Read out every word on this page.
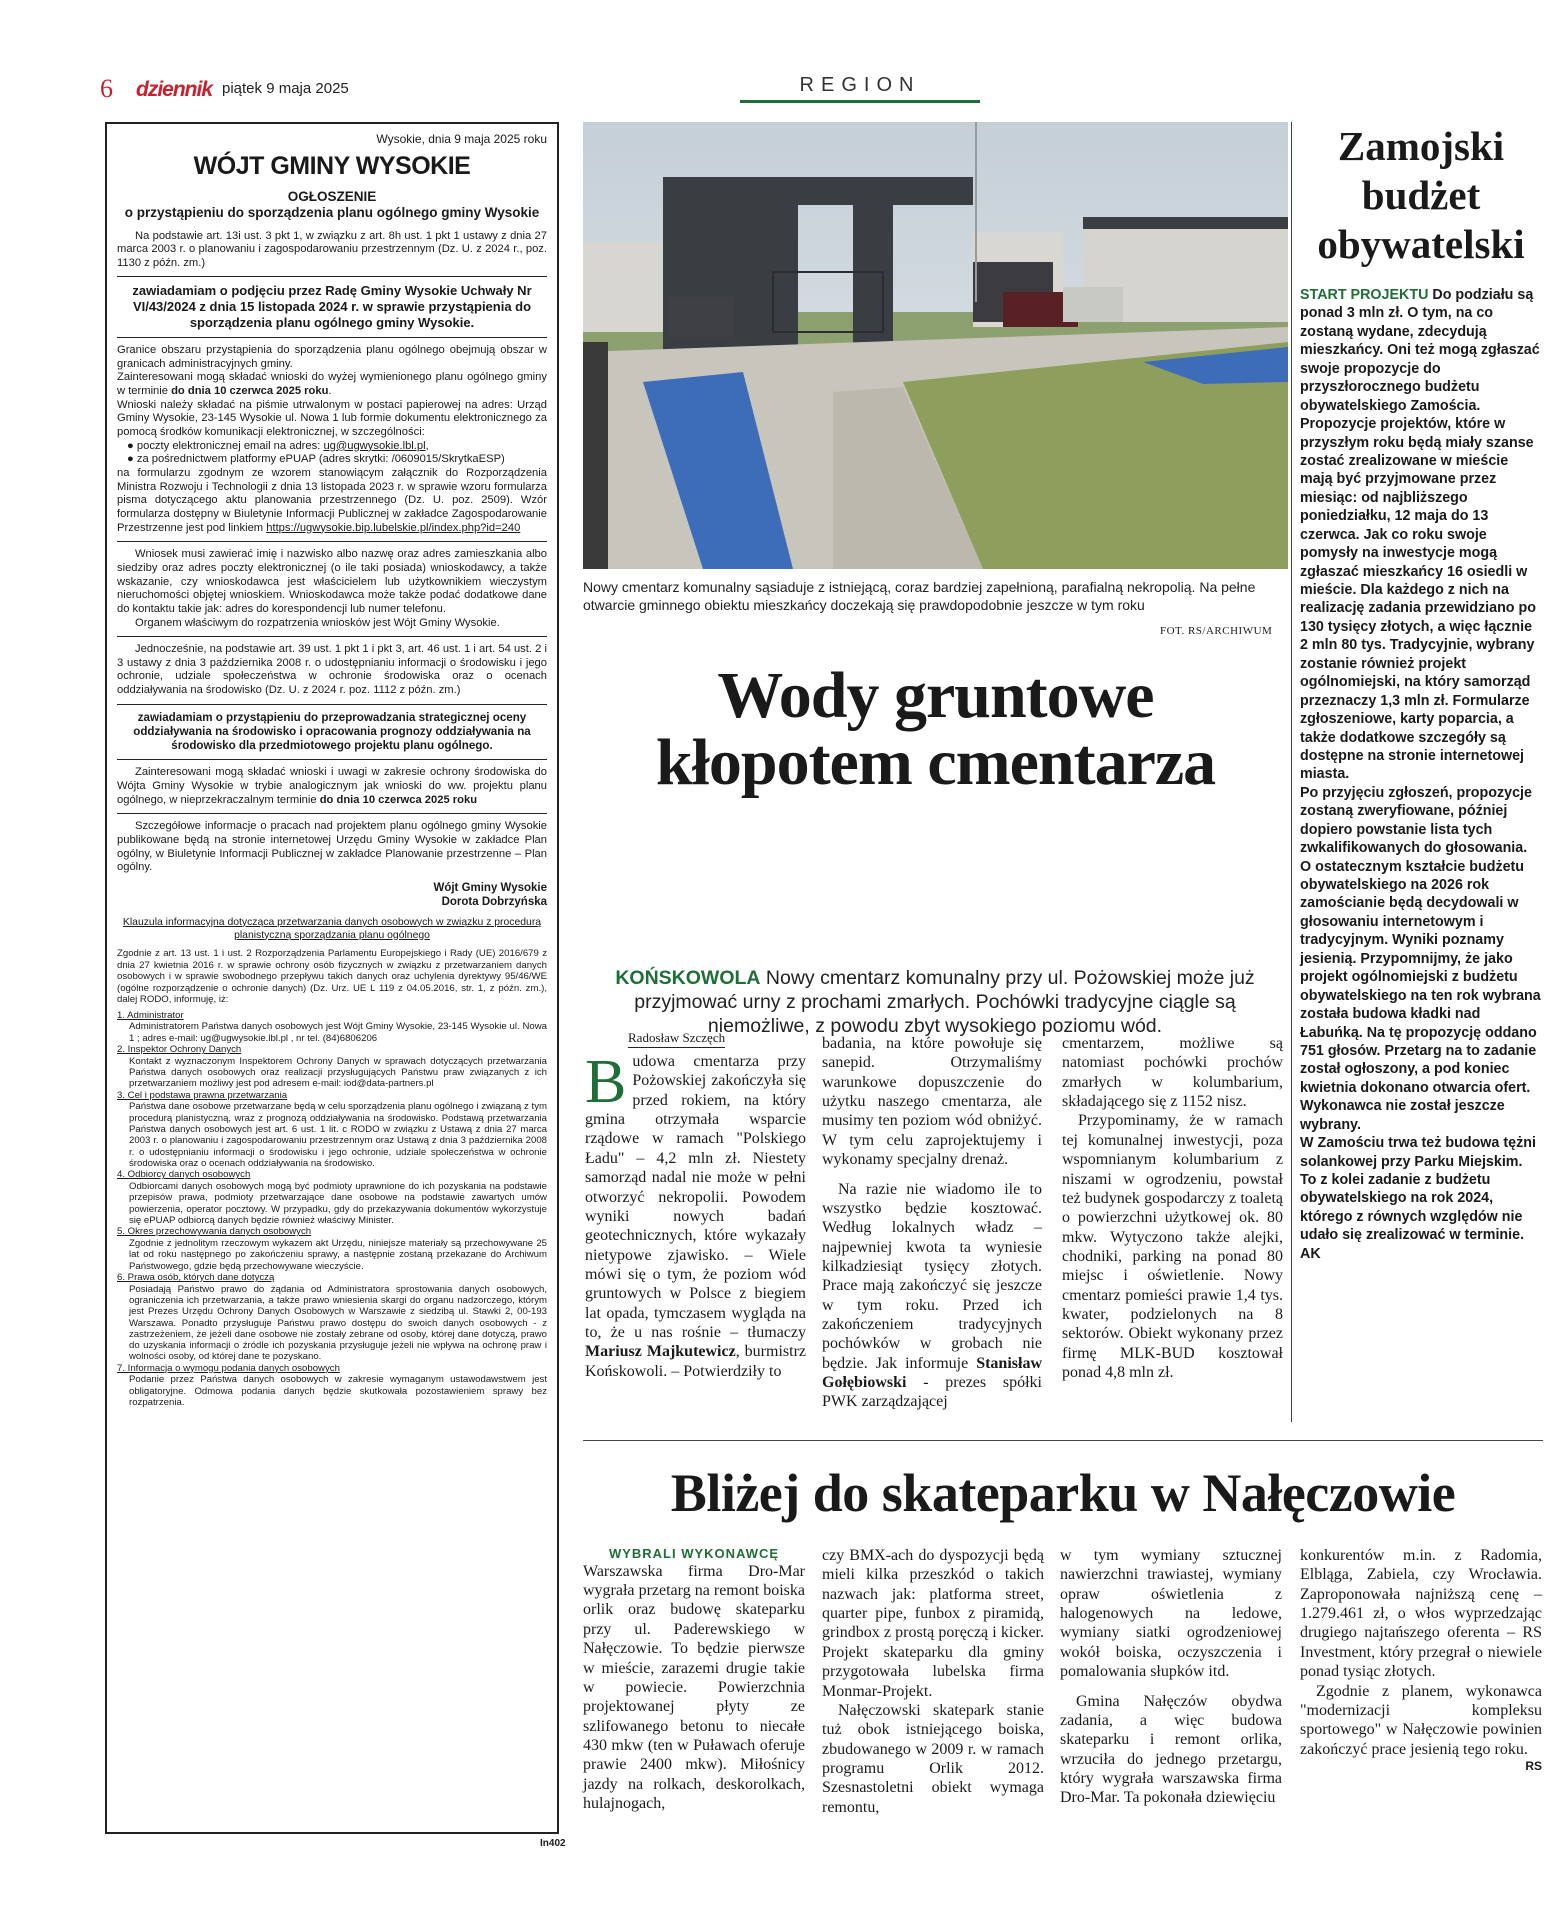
6 dziennik piątek 9 maja 2025	REGION

Wysokie, dnia 9 maja 2025 roku

WÓJT GMINY WYSOKIE

OGŁOSZENIE

o przystąpieniu do sporządzenia planu ogólnego gminy Wysokie

Na podstawie art. 13i ust. 3 pkt 1, w związku z art. 8h ust. 1 pkt 1 ustawy z dnia 27 marca 2003 r. o planowaniu i zagospodarowaniu przestrzennym (Dz. U. z 2024 r., poz. 1130 z późn. zm.)

zawiadamiam o podjęciu przez Radę Gminy Wysokie Uchwały Nr VI/43/2024 z dnia 15 listopada 2024 r. w sprawie przystąpienia do sporządzenia planu ogólnego gminy Wysokie.

Granice obszaru przystąpienia do sporządzenia planu ogólnego obejmują obszar w granicach administracyjnych gminy.

Zainteresowani mogą składać wnioski do wyżej wymienionego planu ogólnego gminy w terminie do dnia 10 czerwca 2025 roku.

Wnioski należy składać na piśmie utrwalonym w postaci papierowej na adres: Urząd Gminy Wysokie, 23-145 Wysokie ul. Nowa 1 lub formie dokumentu elektronicznego za pomocą środków komunikacji elektronicznej, w szczególności:

● poczty elektronicznej email na adres: ug@ugwysokie.lbl.pl,

● za pośrednictwem platformy ePUAP (adres skrytki: /0609015/SkrytkaESP)

na formularzu zgodnym ze wzorem stanowiącym załącznik do Rozporządzenia Ministra Rozwoju i Technologii z dnia 13 listopada 2023 r. w sprawie wzoru formularza pisma dotyczącego aktu planowania przestrzennego (Dz. U. poz. 2509). Wzór formularza dostępny w Biuletynie Informacji Publicznej w zakładce Zagospodarowanie Przestrzenne jest pod linkiem https://ugwysokie.bip.lubelskie.pl/index.php?id=240

Wniosek musi zawierać imię i nazwisko albo nazwę oraz adres zamieszkania albo siedziby oraz adres poczty elektronicznej (o ile taki posiada) wnioskodawcy, a także wskazanie, czy wnioskodawca jest właścicielem lub użytkownikiem wieczystym nieruchomości objętej wnioskiem. Wnioskodawca może także podać dodatkowe dane do kontaktu takie jak: adres do korespondencji lub numer telefonu.

Organem właściwym do rozpatrzenia wniosków jest Wójt Gminy Wysokie.

Jednocześnie, na podstawie art. 39 ust. 1 pkt 1 i pkt 3, art. 46 ust. 1 i art. 54 ust. 2 i 3 ustawy z dnia 3 października 2008 r. o udostępnianiu informacji o środowisku i jego ochronie, udziale społeczeństwa w ochronie środowiska oraz o ocenach oddziaływania na środowisko (Dz. U. z 2024 r. poz. 1112 z późn. zm.)

zawiadamiam o przystąpieniu do przeprowadzania strategicznej oceny oddziaływania na środowisko i opracowania prognozy oddziaływania na środowisko dla przedmiotowego projektu planu ogólnego.

Zainteresowani mogą składać wnioski i uwagi w zakresie ochrony środowiska do Wójta Gminy Wysokie w trybie analogicznym jak wnioski do ww. projektu planu ogólnego, w nieprzekraczalnym terminie do dnia 10 czerwca 2025 roku

Szczegółowe informacje o pracach nad projektem planu ogólnego gminy Wysokie publikowane będą na stronie internetowej Urzędu Gminy Wysokie w zakładce Plan ogólny, w Biuletynie Informacji Publicznej w zakładce Planowanie przestrzenne – Plan ogólny.

Wójt Gminy Wysokie

Dorota Dobrzyńska

Klauzula informacyjna dotycząca przetwarzania danych osobowych w związku z procedurą planistyczną sporządzania planu ogólnego

Zgodnie z art. 13 ust. 1 i ust. 2 Rozporządzenia Parlamentu Europejskiego i Rady (UE) 2016/679 z dnia 27 kwietnia 2016 r. w sprawie ochrony osób fizycznych w związku z przetwarzaniem danych osobowych i w sprawie swobodnego przepływu takich danych oraz uchylenia dyrektywy 95/46/WE (ogólne rozporządzenie o ochronie danych) (Dz. Urz. UE L 119 z 04.05.2016, str. 1, z późn. zm.), dalej RODO, informuję, iż:

1. Administrator

Administratorem Państwa danych osobowych jest Wójt Gminy Wysokie, 23-145 Wysokie ul. Nowa 1 ; adres e-mail: ug@ugwysokie.lbl.pl , nr tel. (84)6806206

2. Inspektor Ochrony Danych

Kontakt z wyznaczonym Inspektorem Ochrony Danych w sprawach dotyczących przetwarzania Państwa danych osobowych oraz realizacji przysługujących Państwu praw związanych z ich przetwarzaniem możliwy jest pod adresem e-mail: iod@data-partners.pl

3. Cel i podstawa prawna przetwarzania

Państwa dane osobowe przetwarzane będą w celu sporządzenia planu ogólnego i związaną z tym procedurą planistyczną, wraz z prognozą oddziaływania na środowisko. Podstawą przetwarzania Państwa danych osobowych jest art. 6 ust. 1 lit. c RODO w związku z Ustawą z dnia 27 marca 2003 r. o planowaniu i zagospodarowaniu przestrzennym oraz Ustawą z dnia 3 października 2008 r. o udostępnianiu informacji o środowisku i jego ochronie, udziale społeczeństwa w ochronie środowiska oraz o ocenach oddziaływania na środowisko.

4. Odbiorcy danych osobowych

Odbiorcami danych osobowych mogą być podmioty uprawnione do ich pozyskania na podstawie przepisów prawa, podmioty przetwarzające dane osobowe na podstawie zawartych umów powierzenia, operator pocztowy. W przypadku, gdy do przekazywania dokumentów wykorzystuje się ePUAP odbiorcą danych będzie również właściwy Minister.

5. Okres przechowywania danych osobowych

Zgodnie z jednolitym rzeczowym wykazem akt Urzędu, niniejsze materiały są przechowywane 25 lat od roku następnego po zakończeniu sprawy, a następnie zostaną przekazane do Archiwum Państwowego, gdzie będą przechowywane wieczyście.

6. Prawa osób, których dane dotyczą

Posiadają Państwo prawo do żądania od Administratora sprostowania danych osobowych, ograniczenia ich przetwarzania, a także prawo wniesienia skargi do organu nadzorczego, którym jest Prezes Urzędu Ochrony Danych Osobowych w Warszawie z siedzibą ul. Stawki 2, 00-193 Warszawa. Ponadto przysługuje Państwu prawo dostępu do swoich danych osobowych - z zastrzeżeniem, że jeżeli dane osobowe nie zostały zebrane od osoby, której dane dotyczą, prawo do uzyskania informacji o źródle ich pozyskania przysługuje jeżeli nie wpływa na ochronę praw i wolności osoby, od której dane te pozyskano.

7. Informacja o wymogu podania danych osobowych

Podanie przez Państwa danych osobowych w zakresie wymaganym ustawodawstwem jest obligatoryjne. Odmowa podania danych będzie skutkowała pozostawieniem sprawy bez rozpatrzenia.

In402

Nowy cmentarz komunalny sąsiaduje z istniejącą, coraz bardziej zapełnioną, parafialną nekropolią. Na pełne otwarcie gminnego obiektu mieszkańcy doczekają się prawdopodobnie jeszcze w tym roku

FOT. RS/ARCHIWUM
Wody gruntowe kłopotem cmentarza

KOŃSKOWOLA Nowy cmentarz komunalny przy ul. Pożowskiej może już przyjmować urny z prochami zmarłych. Pochówki tradycyjne ciągle są niemożliwe, z powodu zbyt wysokiego poziomu wód.

Radosław Szczęch

Budowa cmentarza przy Pożowskiej zakończyła się przed rokiem, na który gmina otrzymała wsparcie rządowe w ramach "Polskiego Ładu" – 4,2 mln zł. Niestety samorząd nadal nie może w pełni otworzyć nekropolii. Powodem wyniki nowych badań geotechnicznych, które wykazały nietypowe zjawisko. – Wiele mówi się o tym, że poziom wód gruntowych w Polsce z biegiem lat opada, tymczasem wygląda na to, że u nas rośnie – tłumaczy Mariusz Majkutewicz, burmistrz Końskowoli. – Potwierdziły to

badania, na które powołuje się sanepid. Otrzymaliśmy warunkowe dopuszczenie do użytku naszego cmentarza, ale musimy ten poziom wód obniżyć. W tym celu zaprojektujemy i wykonamy specjalny drenaż.

Na razie nie wiadomo ile to wszystko będzie kosztować. Według lokalnych władz – najpewniej kwota ta wyniesie kilkadziesiąt tysięcy złotych. Prace mają zakończyć się jeszcze w tym roku. Przed ich zakończeniem tradycyjnych pochówków w grobach nie będzie. Jak informuje Stanisław Gołębiowski - prezes spółki PWK zarządzającej

cmentarzem, możliwe są natomiast pochówki prochów zmarłych w kolumbarium, składającego się z 1152 nisz.

Przypominamy, że w ramach tej komunalnej inwestycji, poza wspomnianym kolumbarium z niszami w ogrodzeniu, powstał też budynek gospodarczy z toaletą o powierzchni użytkowej ok. 80 mkw. Wytyczono także alejki, chodniki, parking na ponad 80 miejsc i oświetlenie. Nowy cmentarz pomieści prawie 1,4 tys. kwater, podzielonych na 8 sektorów. Obiekt wykonany przez firmę MLK-BUD kosztował ponad 4,8 mln zł.

Zamojski budżet obywatelski

START PROJEKTU Do podziału są ponad 3 mln zł. O tym, na co zostaną wydane, zdecydują mieszkańcy. Oni też mogą zgłaszać swoje propozycje do przyszłorocznego budżetu obywatelskiego Zamościa.

Propozycje projektów, które w przyszłym roku będą miały szanse zostać zrealizowane w mieście mają być przyjmowane przez miesiąc: od najbliższego poniedziałku, 12 maja do 13 czerwca. Jak co roku swoje pomysły na inwestycje mogą zgłaszać mieszkańcy 16 osiedli w mieście. Dla każdego z nich na realizację zadania przewidziano po 130 tysięcy złotych, a więc łącznie 2 mln 80 tys. Tradycyjnie, wybrany zostanie również projekt ogólnomiejski, na który samorząd przeznaczy 1,3 mln zł. Formularze zgłoszeniowe, karty poparcia, a także dodatkowe szczegóły są dostępne na stronie internetowej miasta.

Po przyjęciu zgłoszeń, propozycje zostaną zweryfiowane, później dopiero powstanie lista tych zwkalifikowanych do głosowania. O ostatecznym kształcie budżetu obywatelskiego na 2026 rok zamościanie będą decydowali w głosowaniu internetowym i tradycyjnym. Wyniki poznamy jesienią. Przypomnijmy, że jako projekt ogólnomiejski z budżetu obywatelskiego na ten rok wybrana została budowa kładki nad Łabuńką. Na tę propozycję oddano 751 głosów. Przetarg na to zadanie został ogłoszony, a pod koniec kwietnia dokonano otwarcia ofert. Wykonawca nie został jeszcze wybrany.

W Zamościu trwa też budowa tężni solankowej przy Parku Miejskim. To z kolei zadanie z budżetu obywatelskiego na rok 2024, którego z równych względów nie udało się zrealizować w terminie. AK

Bliżej do skateparku w Nałęczowie

WYBRALI WYKONAWCĘ

Warszawska firma Dro-Mar wygrała przetarg na remont boiska orlik oraz budowę skateparku przy ul. Paderewskiego w Nałęczowie. To będzie pierwsze w mieście, zarazemi drugie takie w powiecie. Powierzchnia projektowanej płyty ze szlifowanego betonu to niecałe 430 mkw (ten w Puławach oferuje prawie 2400 mkw). Miłośnicy jazdy na rolkach, deskorolkach, hulajnogach,

czy BMX-ach do dyspozycji będą mieli kilka przeszkód o takich nazwach jak: platforma street, quarter pipe, funbox z piramidą, grindbox z prostą poręczą i kicker. Projekt skateparku dla gminy przygotowała lubelska firma Monmar-Projekt.

Nałęczowski skatepark stanie tuż obok istniejącego boiska, zbudowanego w 2009 r. w ramach programu Orlik 2012. Szesnastoletni obiekt wymaga remontu,

w tym wymiany sztucznej nawierzchni trawiastej, wymiany opraw oświetlenia z halogenowych na ledowe, wymiany siatki ogrodzeniowej wokół boiska, oczyszczenia i pomalowania słupków itd.

Gmina Nałęczów obydwa zadania, a więc budowa skateparku i remont orlika, wrzuciła do jednego przetargu, który wygrała warszawska firma Dro-Mar. Ta pokonała dziewięciu

konkurentów m.in. z Radomia, Elbląga, Zabiela, czy Wrocławia. Zaproponowała najniższą cenę – 1.279.461 zł, o włos wyprzedzając drugiego najtańszego oferenta – RS Investment, który przegrał o niewiele ponad tysiąc złotych.

Zgodnie z planem, wykonawca "modernizacji kompleksu sportowego" w Nałęczowie powinien zakończyć prace jesienią tego roku.

RS
